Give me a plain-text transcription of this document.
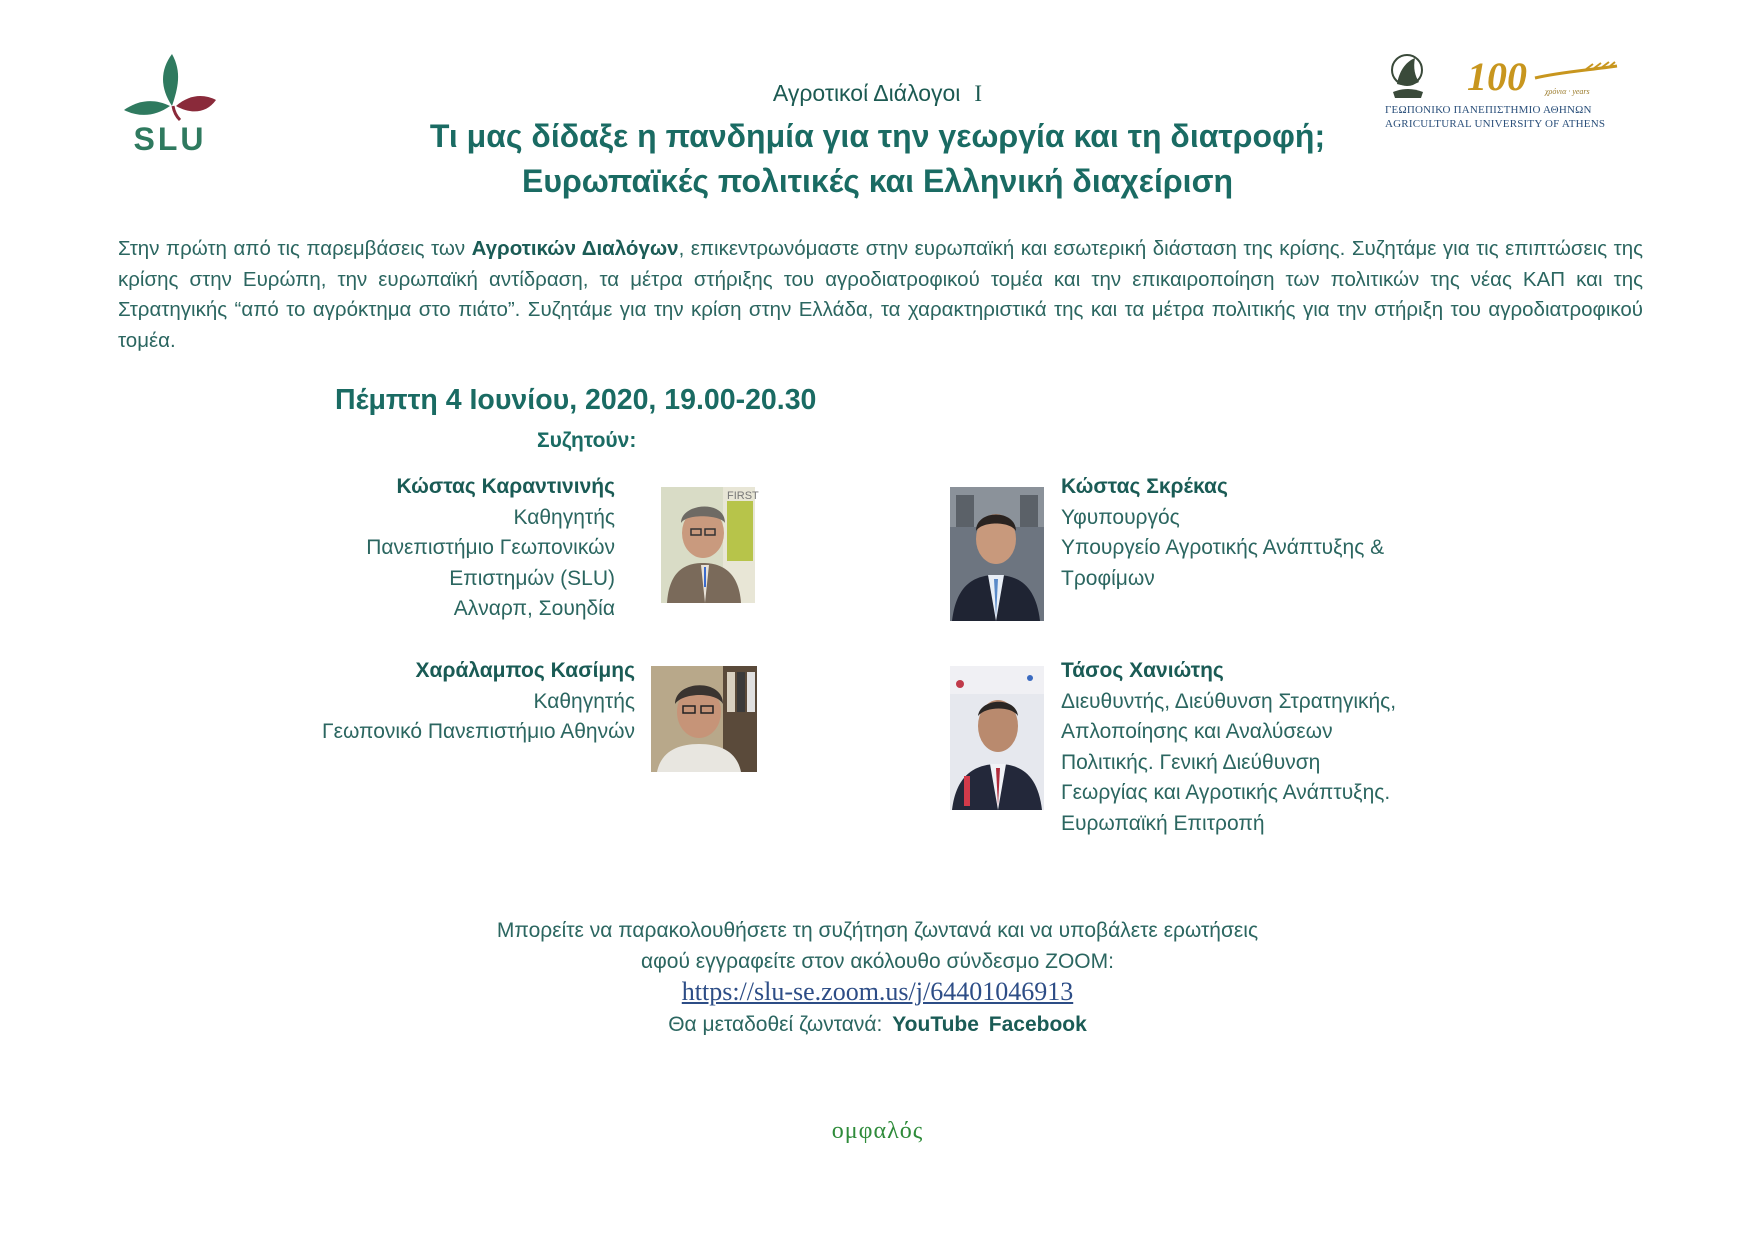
SLU
100 χρόνια · years
ΓΕΩΠΟΝΙΚΟ ΠΑΝΕΠΙΣΤΗΜΙΟ ΑΘΗΝΩΝ
AGRICULTURAL UNIVERSITY OF ATHENS
Αγροτικοί Διάλογοι I
Τι μας δίδαξε η πανδημία για την γεωργία και τη διατροφή;
Ευρωπαϊκές πολιτικές και Ελληνική διαχείριση
Στην πρώτη από τις παρεμβάσεις των Αγροτικών Διαλόγων, επικεντρωνόμαστε στην ευρωπαϊκή και εσωτερική διάσταση της κρίσης. Συζητάμε για τις επιπτώσεις της κρίσης στην Ευρώπη, την ευρωπαϊκή αντίδραση, τα μέτρα στήριξης του αγροδιατροφικού τομέα και την επικαιροποίηση των πολιτικών της νέας ΚΑΠ και της Στρατηγικής “από το αγρόκτημα στο πιάτο”. Συζητάμε για την κρίση στην Ελλάδα, τα χαρακτηριστικά της και τα μέτρα πολιτικής για την στήριξη του αγροδιατροφικού τομέα.
Πέμπτη 4 Ιουνίου, 2020, 19.00-20.30
Συζητούν:
Κώστας Καραντινινής
Καθηγητής
Πανεπιστήμιο Γεωπονικών
Επιστημών (SLU)
Αλναρπ, Σουηδία
FIRST	Κώστας Σκρέκας
Υφυπουργός
Υπουργείο Αγροτικής Ανάπτυξης &
Τροφίμων
Χαράλαμπος Κασίμης
Καθηγητής
Γεωπονικό Πανεπιστήμιο Αθηνών
Τάσος Χανιώτης
Διευθυντής, Διεύθυνση Στρατηγικής,
Απλοποίησης και Αναλύσεων
Πολιτικής. Γενική Διεύθυνση
Γεωργίας και Αγροτικής Ανάπτυξης.
Ευρωπαϊκή Επιτροπή
Μπορείτε να παρακολουθήσετε τη συζήτηση ζωντανά και να υποβάλετε ερωτήσεις
αφού εγγραφείτε στον ακόλουθο σύνδεσμο ZOOM:
https://slu-se.zoom.us/j/64401046913
Θα μεταδοθεί ζωντανά: YouTube Facebook
ομφαλός
